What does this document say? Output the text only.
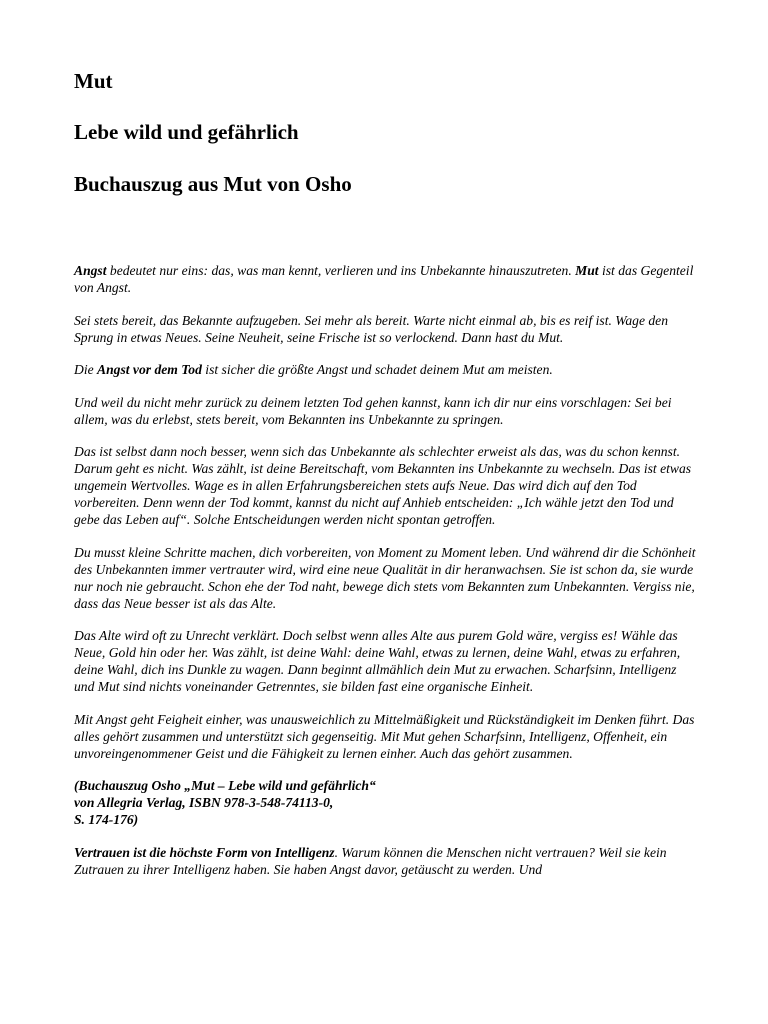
Mut
Lebe wild und gefährlich
Buchauszug aus Mut von Osho

Angst bedeutet nur eins: das, was man kennt, verlieren und ins Unbekannte hinauszutreten. Mut ist das Gegenteil von Angst.

Sei stets bereit, das Bekannte aufzugeben. Sei mehr als bereit. Warte nicht einmal ab, bis es reif ist. Wage den Sprung in etwas Neues. Seine Neuheit, seine Frische ist so verlockend. Dann hast du Mut.

Die Angst vor dem Tod ist sicher die größte Angst und schadet deinem Mut am meisten.

Und weil du nicht mehr zurück zu deinem letzten Tod gehen kannst, kann ich dir nur eins vorschlagen: Sei bei allem, was du erlebst, stets bereit, vom Bekannten ins Unbekannte zu springen.

Das ist selbst dann noch besser, wenn sich das Unbekannte als schlechter erweist als das, was du schon kennst. Darum geht es nicht. Was zählt, ist deine Bereitschaft, vom Bekannten ins Unbekannte zu wechseln. Das ist etwas ungemein Wertvolles. Wage es in allen Erfahrungsbereichen stets aufs Neue. Das wird dich auf den Tod vorbereiten. Denn wenn der Tod kommt, kannst du nicht auf Anhieb entscheiden: „Ich wähle jetzt den Tod und gebe das Leben auf“. Solche Entscheidungen werden nicht spontan getroffen.

Du musst kleine Schritte machen, dich vorbereiten, von Moment zu Moment leben. Und während dir die Schönheit des Unbekannten immer vertrauter wird, wird eine neue Qualität in dir heranwachsen. Sie ist schon da, sie wurde nur noch nie gebraucht. Schon ehe der Tod naht, bewege dich stets vom Bekannten zum Unbekannten. Vergiss nie, dass das Neue besser ist als das Alte.

Das Alte wird oft zu Unrecht verklärt. Doch selbst wenn alles Alte aus purem Gold wäre, vergiss es! Wähle das Neue, Gold hin oder her. Was zählt, ist deine Wahl: deine Wahl, etwas zu lernen, deine Wahl, etwas zu erfahren, deine Wahl, dich ins Dunkle zu wagen. Dann beginnt allmählich dein Mut zu erwachen. Scharfsinn, Intelligenz und Mut sind nichts voneinander Getrenntes, sie bilden fast eine organische Einheit.

Mit Angst geht Feigheit einher, was unausweichlich zu Mittelmäßigkeit und Rückständigkeit im Denken führt. Das alles gehört zusammen und unterstützt sich gegenseitig. Mit Mut gehen Scharfsinn, Intelligenz, Offenheit, ein unvoreingenommener Geist und die Fähigkeit zu lernen einher. Auch das gehört zusammen.

(Buchauszug Osho „Mut – Lebe wild und gefährlich“
von Allegria Verlag, ISBN 978-3-548-74113-0,
S. 174-176)

Vertrauen ist die höchste Form von Intelligenz. Warum können die Menschen nicht vertrauen? Weil sie kein Zutrauen zu ihrer Intelligenz haben. Sie haben Angst davor, getäuscht zu werden. Und
